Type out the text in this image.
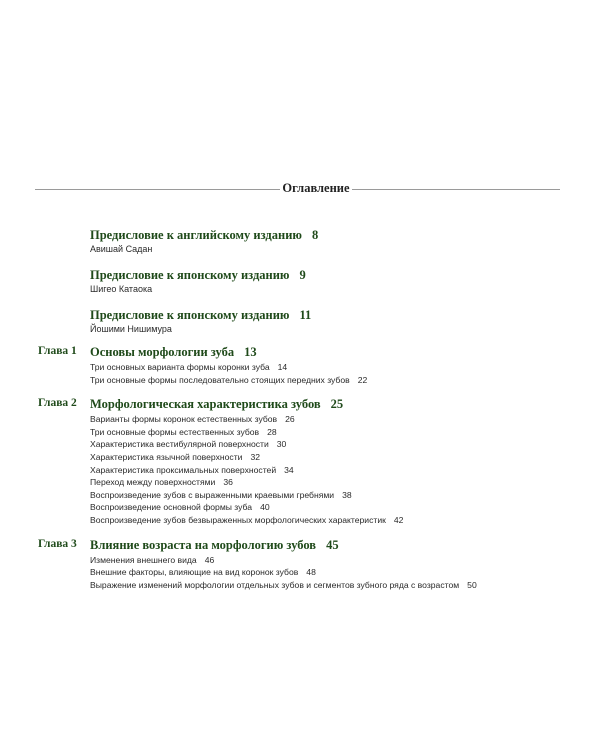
Оглавление
Предисловие к английскому изданию 8
Авишай Садан
Предисловие к японскому изданию 9
Шигео Катаока
Предисловие к японскому изданию 11
Йошими Нишимура
Глава 1 Основы морфологии зуба 13
Три основных варианта формы коронки зуба 14
Три основные формы последовательно стоящих передних зубов 22
Глава 2 Морфологическая характеристика зубов 25
Варианты формы коронок естественных зубов 26
Три основные формы естественных зубов 28
Характеристика вестибулярной поверхности 30
Характеристика язычной поверхности 32
Характеристика проксимальных поверхностей 34
Переход между поверхностями 36
Воспроизведение зубов с выраженными краевыми гребнями 38
Воспроизведение основной формы зуба 40
Воспроизведение зубов безвыраженных морфологических характеристик 42
Глава 3 Влияние возраста на морфологию зубов 45
Изменения внешнего вида 46
Внешние факторы, влияющие на вид коронок зубов 48
Выражение изменений морфологии отдельных зубов и сегментов зубного ряда с возрастом 50
